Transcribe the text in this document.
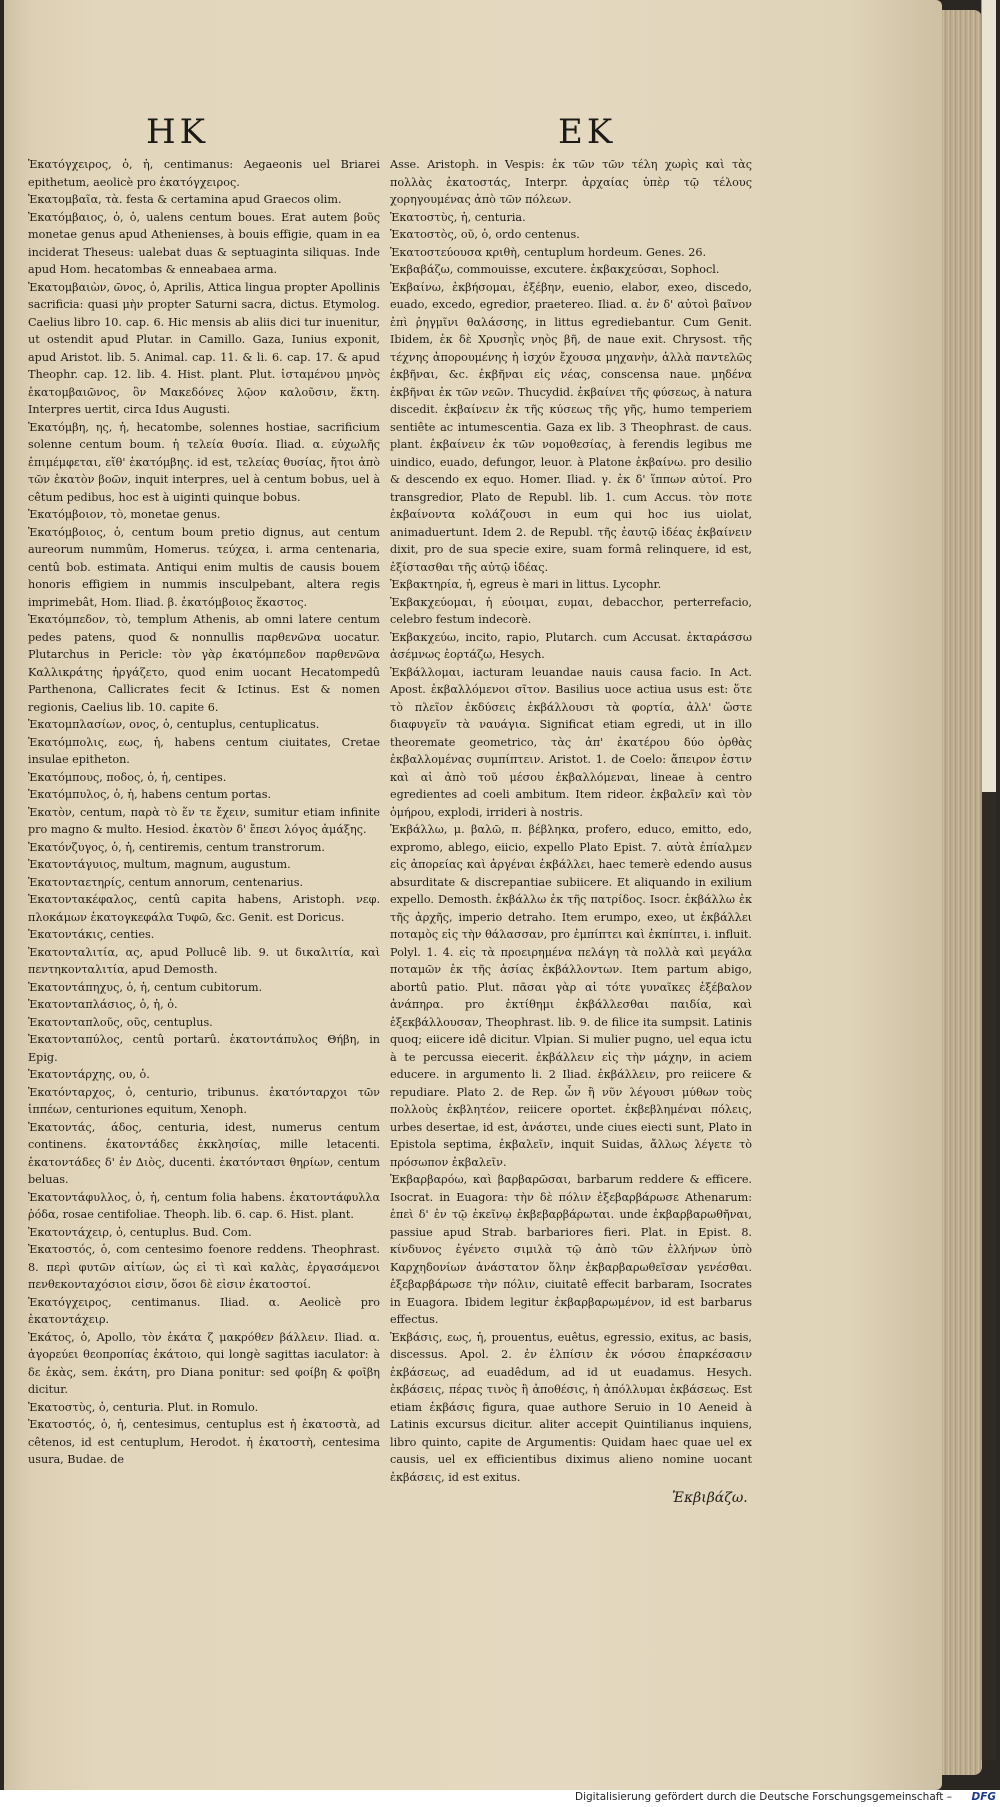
HK	EK

Ἑκατόγχειρος, ὁ, ἡ, centimanus: Aegaeonis uel Briarei epithetum, aeolicè pro ἑκατόγχειρος.

Ἑκατομβαῖα, τὰ. festa & certamina apud Graecos olim.

Ἑκατόμβαιος, ὁ, ὁ, ualens centum boues. Erat autem βοῦς monetae genus apud Athenienses, à bouis effigie, quam in ea inciderat Theseus: ualebat duas & septuaginta siliquas. Inde apud Hom. hecatombas & enneabaea arma.

Ἑκατομβαιὼν, ῶνος, ὁ, Aprilis, Attica lingua propter Apollinis sacrificia: quasi μὴν propter Saturni sacra, dictus. Etymolog. Caelius libro 10. cap. 6. Hic mensis ab aliis dici tur inuenitur, ut ostendit apud Plutar. in Camillo. Gaza, Iunius exponit, apud Aristot. lib. 5. Animal. cap. 11. & li. 6. cap. 17. & apud Theophr. cap. 12. lib. 4. Hist. plant. Plut. ἱσταμένου μηνὸς ἑκατομβαιῶνος, ὃν Μακεδόνες λῷον καλοῦσιν, ἕκτη. Interpres uertit, circa Idus Augusti.

Ἑκατόμβη, ης, ἡ, hecatombe, solennes hostiae, sacrificium solenne centum boum. ἡ τελεία θυσία. Iliad. α. εὐχωλῆς ἐπιμέμφεται, εἴθ' ἑκατόμβης. id est, τελείας θυσίας, ἤτοι ἀπὸ τῶν ἑκατὸν βοῶν, inquit interpres, uel à centum bobus, uel à cêtum pedibus, hoc est à uiginti quinque bobus.

Ἑκατόμβοιον, τὸ, monetae genus.

Ἑκατόμβοιος, ὁ, centum boum pretio dignus, aut centum aureorum nummûm, Homerus. τεύχεα, i. arma centenaria, centû bob. estimata. Antiqui enim multis de causis bouem honoris effigiem in nummis insculpebant, altera regis imprimebât, Hom. Iliad. β. ἑκατόμβοιος ἕκαστος.

Ἑκατόμπεδον, τὸ, templum Athenis, ab omni latere centum pedes patens, quod & nonnullis παρθενῶνα uocatur. Plutarchus in Pericle: τὸν γὰρ ἑκατόμπεδον παρθενῶνα Καλλικράτης ἠργάζετο, quod enim uocant Hecatompedû Parthenona, Callicrates fecit & Ictinus. Est & nomen regionis, Caelius lib. 10. capite 6.

Ἑκατομπλασίων, ονος, ὁ, centuplus, centuplicatus.

Ἑκατόμπολις, εως, ἡ, habens centum ciuitates, Cretae insulae epitheton.

Ἑκατόμπους, ποδος, ὁ, ἡ, centipes.

Ἑκατόμπυλος, ὁ, ἡ, habens centum portas.

Ἑκατὸν, centum, παρὰ τὸ ἕν τε ἔχειν, sumitur etiam infinite pro magno & multo. Hesiod. ἑκατὸν δ' ἔπεσι λόγος ἁμάξης.

Ἑκατόνζυγος, ὁ, ἡ, centiremis, centum transtrorum.

Ἑκατοντάγυιος, multum, magnum, augustum.

Ἑκατονταετηρίς, centum annorum, centenarius.

Ἑκατοντακέφαλος, centû capita habens, Aristoph. νεφ. πλοκάμων ἑκατογκεφάλα Τυφῶ, &c. Genit. est Doricus.

Ἑκατοντάκις, centies.

Ἑκατονταλιτία, ας, apud Pollucê lib. 9. ut δικαλιτία, καὶ πεντηκονταλιτία, apud Demosth.

Ἑκατοντάπηχυς, ὁ, ἡ, centum cubitorum.

Ἑκατονταπλάσιος, ὁ, ἡ, ὁ.

Ἑκατονταπλοῦς, οῦς, centuplus.

Ἑκατονταπύλος, centû portarû. ἑκατοντάπυλος Θήβη, in Epig.

Ἑκατοντάρχης, ου, ὁ.

Ἑκατόνταρχος, ὁ, centurio, tribunus. ἑκατόνταρχοι τῶν ἱππέων, centuriones equitum, Xenoph.

Ἑκατοντάς, άδος, centuria, idest, numerus centum continens. ἑκατοντάδες ἐκκλησίας, mille letacenti. ἑκατοντάδες δ' ἐν Διὸς, ducenti. ἑκατόντασι θηρίων, centum beluas.

Ἑκατοντάφυλλος, ὁ, ἡ, centum folia habens. ἑκατοντάφυλλα ῥόδα, rosae centifoliae. Theoph. lib. 6. cap. 6. Hist. plant.

Ἑκατοντάχειρ, ὁ, centuplus. Bud. Com.

Ἑκατοστός, ὁ, com centesimo foenore reddens. Theophrast. 8. περὶ φυτῶν αἰτίων, ὡς εἰ τὶ καὶ καλὰς, ἐργασάμενοι πενθεκονταχόσιοι εἰσιν, ὅσοι δὲ εἰσιν ἑκατοστοί.

Ἑκατόγχειρος, centimanus. Iliad. α. Aeolicè pro ἑκατοντάχειρ.

Ἑκάτος, ὁ, Apollo, τὸν ἑκάτα ζ μακρόθεν βάλλειν. Iliad. α. ἀγορεύει θεοπροπίας ἑκάτοιο, qui longè sagittas iaculator: à δε ἑκὰς, sem. ἑκάτη, pro Diana ponitur: sed φοίβη & φοῖβη dicitur.

Ἑκατοστὺς, ὁ, centuria. Plut. in Romulo.

Ἑκατοστός, ὁ, ἡ, centesimus, centuplus est ἡ ἑκατοστὰ, ad cêtenos, id est centuplum, Herodot. ἡ ἑκατοστὴ, centesima usura, Budae. de

Asse. Aristoph. in Vespis: ἐκ τῶν τῶν τέλη χωρὶς καὶ τὰς πολλὰς ἑκατοστάς, Interpr. ἀρχαίας ὑπὲρ τῷ τέλους χορηγουμένας ἀπὸ τῶν πόλεων.

Ἑκατοστὺς, ἡ, centuria.

Ἑκατοστὸς, οῦ, ὁ, ordo centenus.

Ἑκατοστεύουσα κριθὴ, centuplum hordeum. Genes. 26.

Ἐκβαβάζω, commouisse, excutere. ἐκβακχεύσαι, Sophocl.

Ἐκβαίνω, ἐκβήσομαι, ἐξέβην, euenio, elabor, exeo, discedo, euado, excedo, egredior, praetereo. Iliad. α. ἐν δ' αὐτοὶ βαῖνον ἐπὶ ῥηγμῖνι θαλάσσης, in littus egrediebantur. Cum Genit. Ibidem, ἐκ δὲ Χρυσηῒς νηὸς βῆ, de naue exit. Chrysost. τῆς τέχνης ἀπορουμένης ἡ ἰσχύν ἔχουσα μηχανὴν, ἀλλὰ παντελῶς ἐκβῆναι, &c. ἐκβῆναι εἰς νέας, conscensa naue. μηδένα ἐκβῆναι ἐκ τῶν νεῶν. Thucydid. ἐκβαίνει τῆς φύσεως, à natura discedit. ἐκβαίνειν ἐκ τῆς κύσεως τῆς γῆς, humo temperiem sentiête ac intumescentia. Gaza ex lib. 3 Theophrast. de caus. plant. ἐκβαίνειν ἐκ τῶν νομοθεσίας, à ferendis legibus me uindico, euado, defungor, leuor. à Platone ἐκβαίνω. pro desilio & descendo ex equo. Homer. Iliad. γ. ἐκ δ' ἵππων αὐτοί. Pro transgredior, Plato de Republ. lib. 1. cum Accus. τὸν ποτε ἐκβαίνοντα κολάζουσι in eum qui hoc ius uiolat, animaduertunt. Idem 2. de Republ. τῆς ἑαυτῷ ἰδέας ἐκβαίνειν dixit, pro de sua specie exire, suam formâ relinquere, id est, ἐξίστασθαι τῆς αὐτῷ ἰδέας.

Ἐκβακτηρία, ἡ, egreus è mari in littus. Lycophr.

Ἐκβακχεύομαι, ἡ εὐοιμαι, ευμαι, debacchor, perterrefacio, celebro festum indecorè.

Ἐκβακχεύω, incito, rapio, Plutarch. cum Accusat. ἐκταράσσω ἀσέμνως ἑορτάζω, Hesych.

Ἐκβάλλομαι, iacturam leuandae nauis causa facio. In Act. Apost. ἐκβαλλόμενοι σῖτον. Basilius uoce actiua usus est: ὅτε τὸ πλεῖον ἐκδύσεις ἐκβάλλουσι τὰ φορτία, ἀλλ' ὥστε διαφυγεῖν τὰ ναυάγια. Significat etiam egredi, ut in illo theoremate geometrico, τὰς ἀπ' ἐκατέρου δύο ὀρθὰς ἐκβαλλομένας συμπίπτειν. Aristot. 1. de Coelo: ἄπειρον ἐστιν καὶ αἱ ἀπὸ τοῦ μέσου ἐκβαλλόμεναι, lineae à centro egredientes ad coeli ambitum. Item rideor. ἐκβαλεῖν καὶ τὸν ὁμήρου, explodi, irrideri à nostris.

Ἐκβάλλω, μ. βαλῶ, π. βέβληκα, profero, educo, emitto, edo, expromo, ablego, eiicio, expello Plato Epist. 7. αὐτὰ ἐπίαλμεν εἰς ἀπορείας καὶ ἀργέναι ἐκβάλλει, haec temerè edendo ausus absurditate & discrepantiae subiicere. Et aliquando in exilium expello. Demosth. ἐκβάλλω ἐκ τῆς πατρίδος. Isocr. ἐκβάλλω ἐκ τῆς ἀρχῆς, imperio detraho. Item erumpo, exeo, ut ἐκβάλλει ποταμὸς εἰς τὴν θάλασσαν, pro ἐμπίπτει καὶ ἐκπίπτει, i. influit. Polyl. 1. 4. εἰς τὰ προειρημένα πελάγη τὰ πολλὰ καὶ μεγάλα ποταμῶν ἐκ τῆς ἀσίας ἐκβάλλοντων. Item partum abigo, abortû patio. Plut. πᾶσαι γὰρ αἱ τότε γυναῖκες ἐξέβαλον ἀνάπηρα. pro ἐκτίθημι ἐκβάλλεσθαι παιδία, καὶ ἐξεκβάλλουσαν, Theophrast. lib. 9. de filice ita sumpsit. Latinis quoq; eiicere idê dicitur. Vlpian. Si mulier pugno, uel equa ictu à te percussa eiecerit. ἐκβάλλειν εἰς τὴν μάχην, in aciem educere. in argumento li. 2 Iliad. ἐκβάλλειν, pro reiicere & repudiare. Plato 2. de Rep. ὧν ἢ νῦν λέγουσι μύθων τοὺς πολλοὺς ἐκβλητέον, reiicere oportet. ἐκβεβλημέναι πόλεις, urbes desertae, id est, ἀνάστει, unde ciues eiecti sunt, Plato in Epistola septima, ἐκβαλεῖν, inquit Suidas, ἄλλως λέγετε τὸ πρόσωπον ἐκβαλεῖν.

Ἐκβαρβαρόω, καὶ βαρβαρῶσαι, barbarum reddere & efficere. Isocrat. in Euagora: τὴν δὲ πόλιν ἐξεβαρβάρωσε Athenarum: ἐπεὶ δ' ἐν τῷ ἐκεῖνῳ ἐκβεβαρβάρωται. unde ἐκβαρβαρωθῆναι, passiue apud Strab. barbariores fieri. Plat. in Epist. 8. κίνδυνος ἐγένετο σιμιλὰ τῷ ἀπὸ τῶν ἑλλήνων ὑπὸ Καρχηδονίων ἀνάστατον ὅλην ἐκβαρβαρωθεῖσαν γενέσθαι. ἐξεβαρβάρωσε τὴν πόλιν, ciuitatê effecit barbaram, Isocrates in Euagora. Ibidem legitur ἐκβαρβαρωμένον, id est barbarus effectus.

Ἐκβάσις, εως, ἡ, prouentus, euêtus, egressio, exitus, ac basis, discessus. Apol. 2. ἐν ἐλπίσιν ἐκ νόσου ἐπαρκέσασιν ἐκβάσεως, ad euadêdum, ad id ut euadamus. Hesych. ἐκβάσεις, πέρας τινὸς ἢ ἀποθέσις, ἡ ἀπόλλυμαι ἐκβάσεως. Est etiam ἐκβάσις figura, quae authore Seruio in 10 Aeneid à Latinis excursus dicitur. aliter accepit Quintilianus inquiens, libro quinto, capite de Argumentis: Quidam haec quae uel ex causis, uel ex efficientibus diximus alieno nomine uocant ἐκβάσεις, id est exitus.

Ἐκβιβάζω.
Digitalisierung gefördert durch die Deutsche Forschungsgemeinschaft – DFG
